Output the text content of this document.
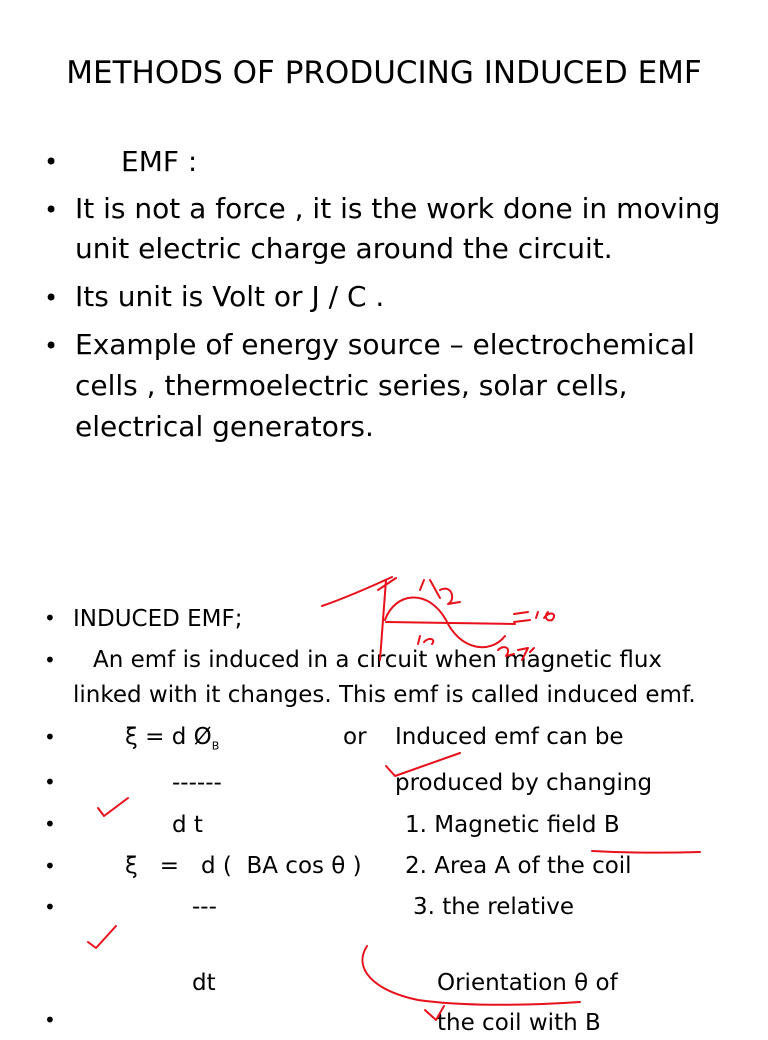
METHODS OF PRODUCING INDUCED EMF
• EMF :
• It is not a force , it is the work done in moving
unit electric charge around the circuit.
• Its unit is Volt or J / C .
• Example of energy source – electrochemical
cells , thermoelectric series, solar cells,
electrical generators.
• INDUCED EMF;
• An emf is induced in a circuit when magnetic flux
linked with it changes. This emf is called induced emf.
•	ξ = d $Ø_B$	or Induced emf can be
•	------	produced by changing
•	d t	1. Magnetic field B
•	ξ   =   d (  BA cos θ ) 2. Area A of the coil
•	---	3. the relative
dt	Orientation θ of
•	the coil with B
